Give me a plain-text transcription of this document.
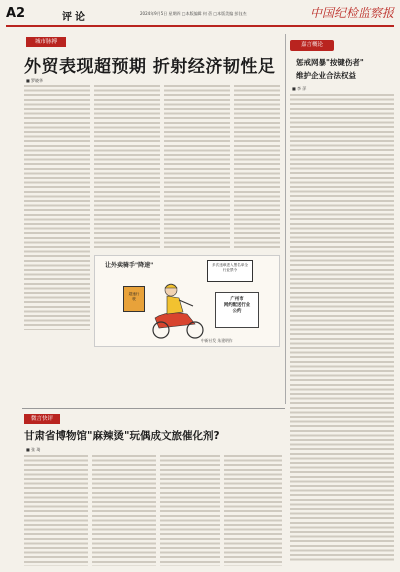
A2	评论	2024年9月5日 星期四 □本版编辑 何 蓓 □本版美编 彭钰杰	中国纪检监察报
城市脉搏
外贸表现超预期 折射经济韧性足
■ 罗晓华
让外卖骑手"降速"	多次违章进入黑名单全行业禁令
超速行驶	广州市
网约配送行业
公约
中新社发 朱建明作
嘉言概论
惩戒网暴"按键伤者"
维护企业合法权益
■ 李 萍
微言快评
甘肃省博物馆"麻辣烫"玩偶成文旅催化剂?
■ 张 琦
